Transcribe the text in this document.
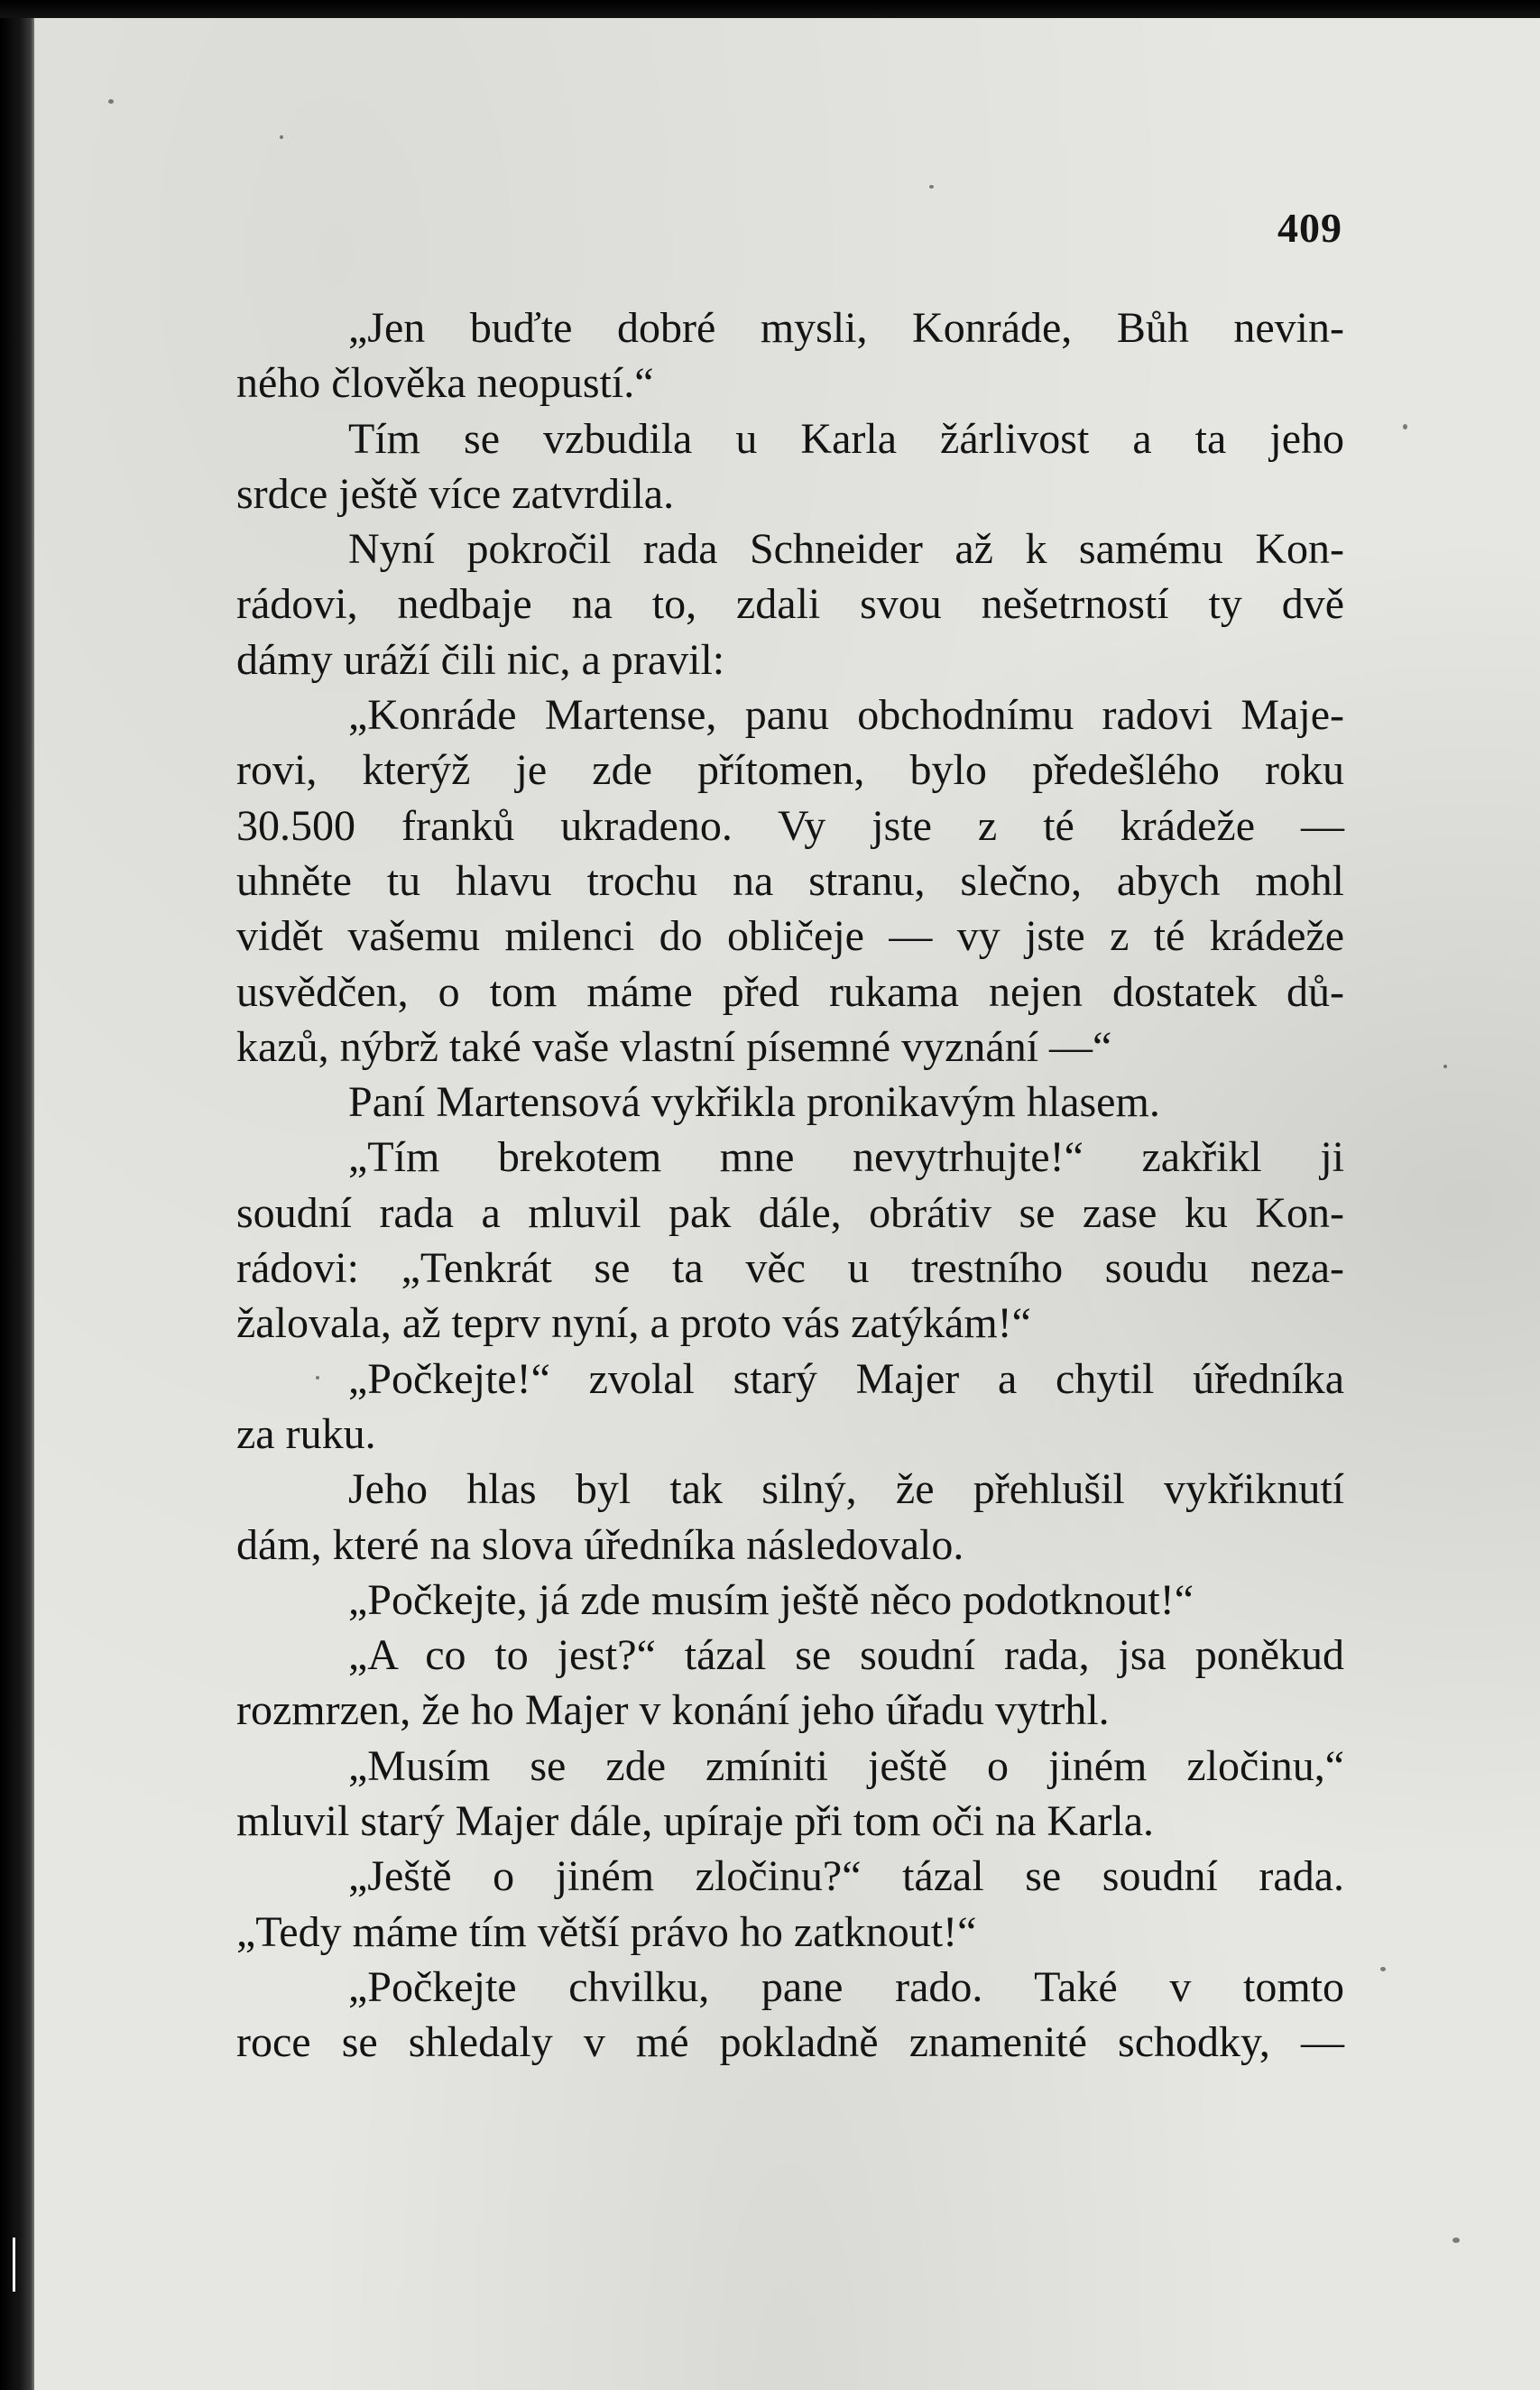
409
„Jen buďte dobré mysli, Konráde, Bůh nevin-
ného člověka neopustí.“
Tím se vzbudila u Karla žárlivost a ta jeho
srdce ještě více zatvrdila.
Nyní pokročil rada Schneider až k samému Kon-
rádovi, nedbaje na to, zdali svou nešetrností ty dvě
dámy uráží čili nic, a pravil:
„Konráde Martense, panu obchodnímu radovi Maje-
rovi, kterýž je zde přítomen, bylo předešlého roku
30.500 franků ukradeno. Vy jste z té krádeže —
uhněte tu hlavu trochu na stranu, slečno, abych mohl
vidět vašemu milenci do obličeje — vy jste z té krádeže
usvědčen, o tom máme před rukama nejen dostatek dů-
kazů, nýbrž také vaše vlastní písemné vyznání —“
Paní Martensová vykřikla pronikavým hlasem.
„Tím brekotem mne nevytrhujte!“ zakřikl ji
soudní rada a mluvil pak dále, obrátiv se zase ku Kon-
rádovi: „Tenkrát se ta věc u trestního soudu neza-
žalovala, až teprv nyní, a proto vás zatýkám!“
„Počkejte!“ zvolal starý Majer a chytil úředníka
za ruku.
Jeho hlas byl tak silný, že přehlušil vykřiknutí
dám, které na slova úředníka následovalo.
„Počkejte, já zde musím ještě něco podotknout!“
„A co to jest?“ tázal se soudní rada, jsa poněkud
rozmrzen, že ho Majer v konání jeho úřadu vytrhl.
„Musím se zde zmíniti ještě o jiném zločinu,“
mluvil starý Majer dále, upíraje při tom oči na Karla.
„Ještě o jiném zločinu?“ tázal se soudní rada.
„Tedy máme tím větší právo ho zatknout!“
„Počkejte chvilku, pane rado. Také v tomto
roce se shledaly v mé pokladně znamenité schodky, —
